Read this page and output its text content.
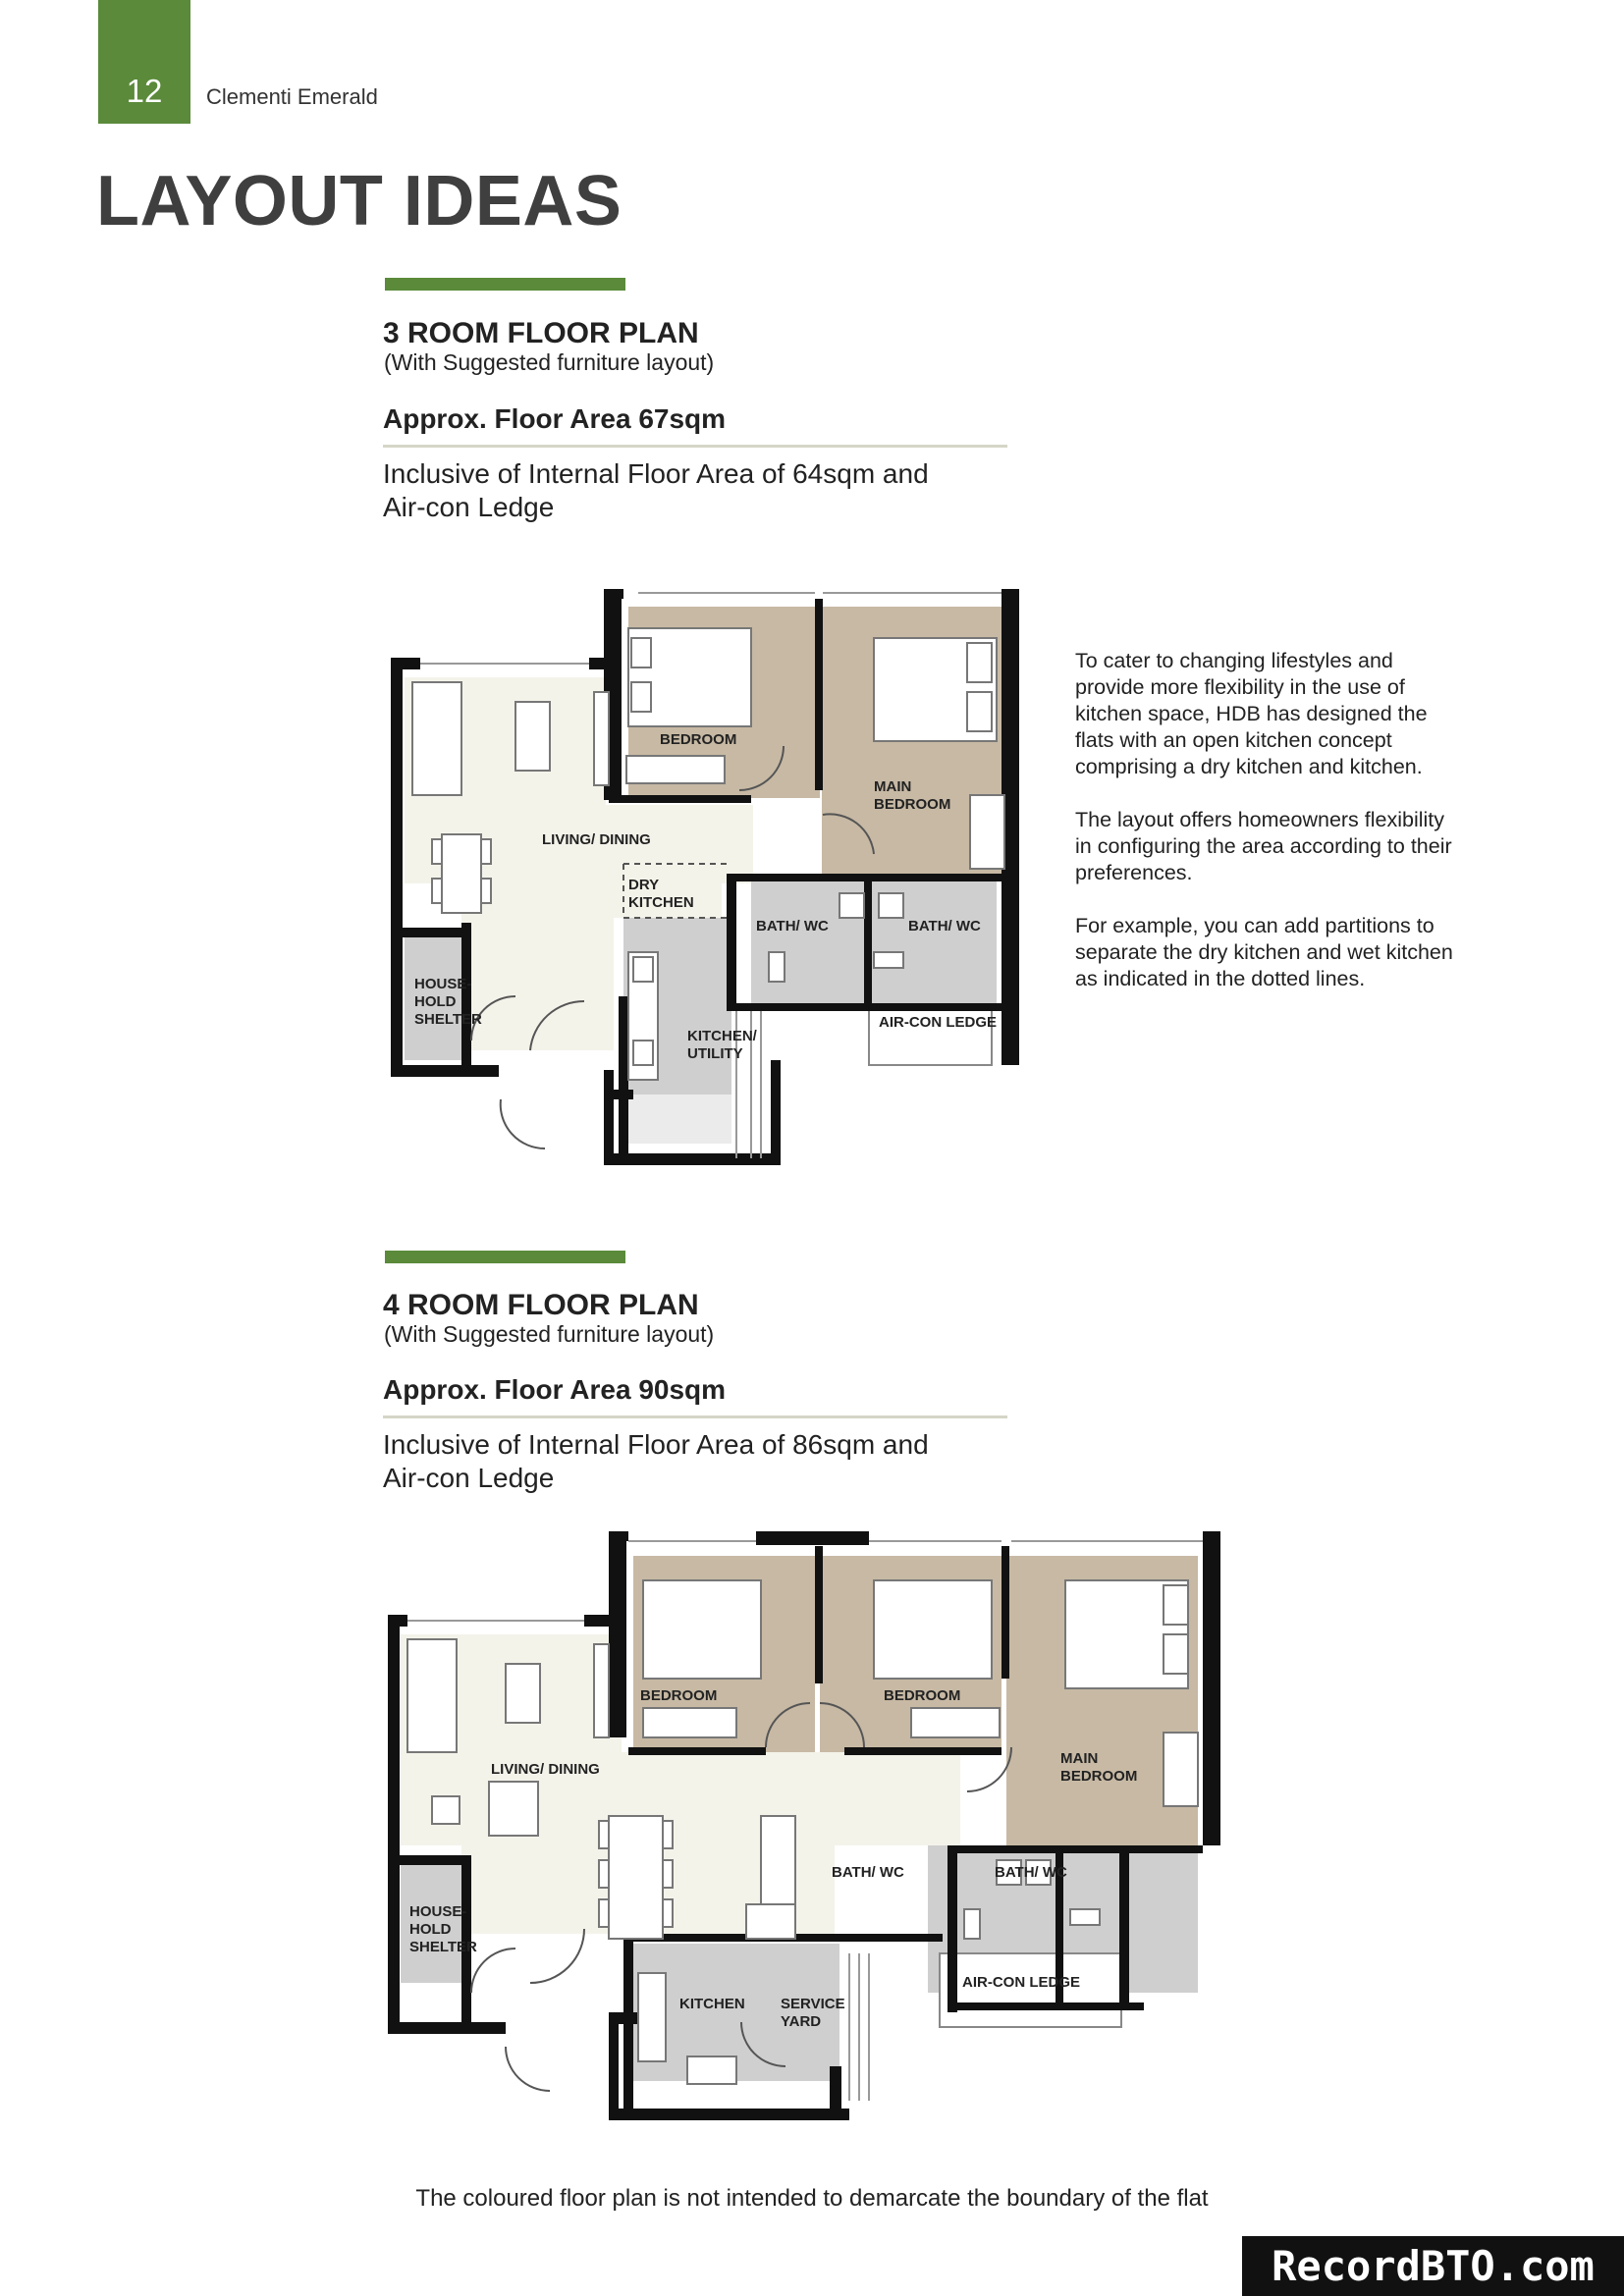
12	Clementi Emerald
LAYOUT IDEAS
3 ROOM FLOOR PLAN
(With Suggested furniture layout)
Approx. Floor Area 67sqm
Inclusive of Internal Floor Area of 64sqm and
Air-con Ledge
BEDROOM
MAIN
BEDROOM
LIVING/ DINING
DRY
KITCHEN
BATH/ WC	BATH/ WC
HOUSE-
HOLD
SHELTER
KITCHEN/
UTILITY
AIR-CON LEDGE
To cater to changing lifestyles and
provide more flexibility in the use of
kitchen space, HDB has designed the
flats with an open kitchen concept
comprising a dry kitchen and kitchen.
The layout offers homeowners flexibility
in configuring the area according to their
preferences.
For example, you can add partitions to
separate the dry kitchen and wet kitchen
as indicated in the dotted lines.
4 ROOM FLOOR PLAN
(With Suggested furniture layout)
Approx. Floor Area 90sqm
Inclusive of Internal Floor Area of 86sqm and
Air-con Ledge
BEDROOM	BEDROOM
MAIN
BEDROOM
LIVING/ DINING
BATH/ WC	BATH/ WC
HOUSE-
HOLD
SHELTER
KITCHEN SERVICE
YARD
AIR-CON LEDGE
The coloured floor plan is not intended to demarcate the boundary of the flat
RecordBTO.com
